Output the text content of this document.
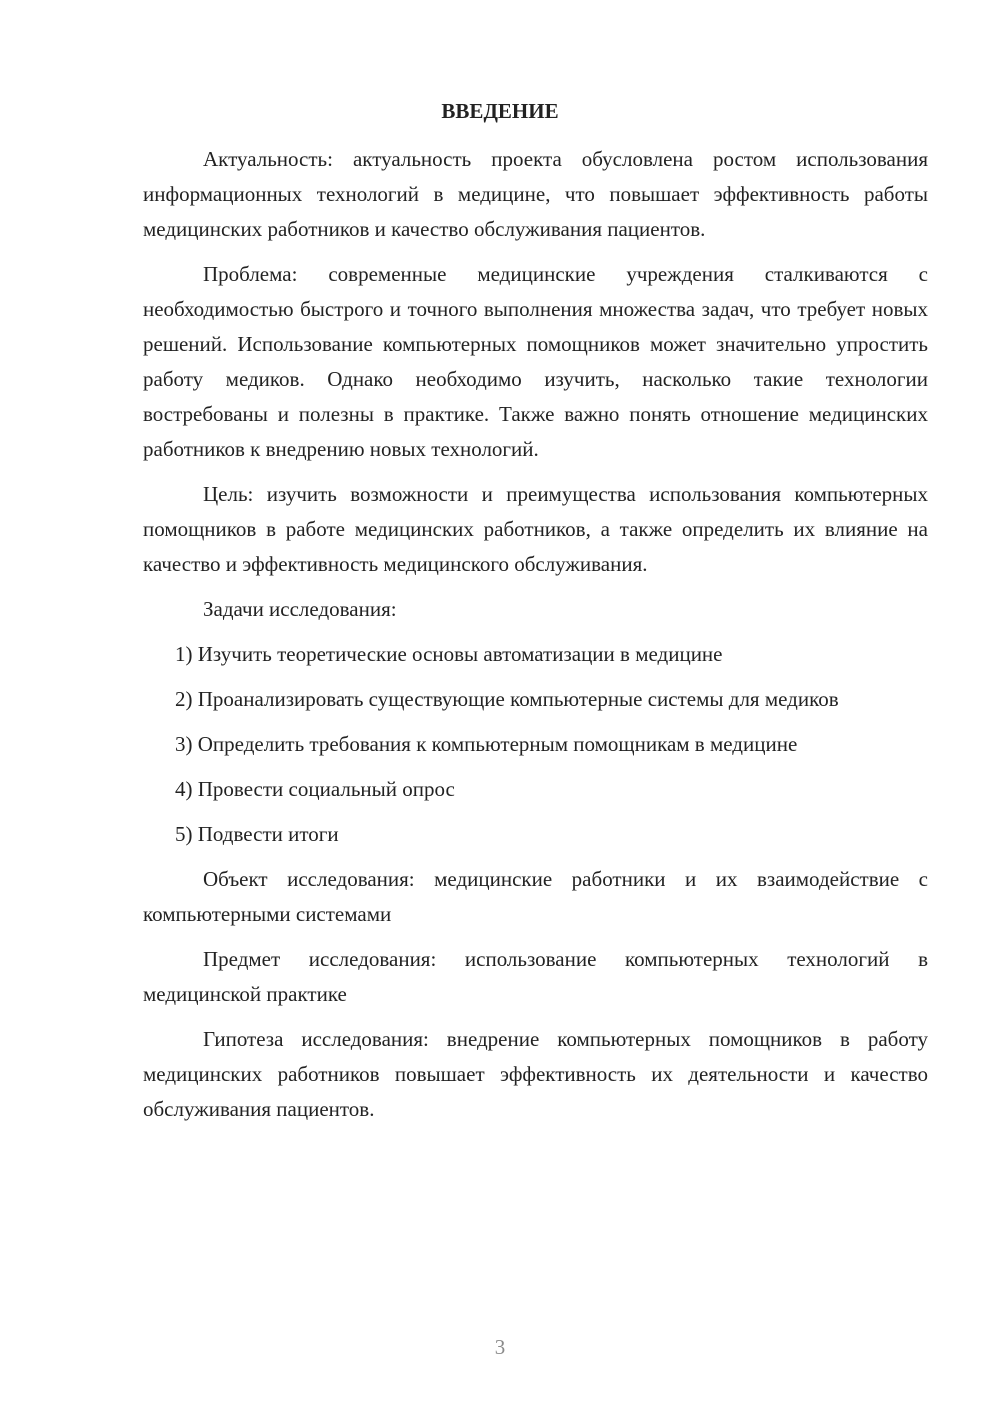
ВВЕДЕНИЕ

Актуальность: актуальность проекта обусловлена ростом использования информационных технологий в медицине, что повышает эффективность работы медицинских работников и качество обслуживания пациентов.

Проблема: современные медицинские учреждения сталкиваются с необходимостью быстрого и точного выполнения множества задач, что требует новых решений. Использование компьютерных помощников может значительно упростить работу медиков. Однако необходимо изучить, насколько такие технологии востребованы и полезны в практике. Также важно понять отношение медицинских работников к внедрению новых технологий.

Цель: изучить возможности и преимущества использования компьютерных помощников в работе медицинских работников, а также определить их влияние на качество и эффективность медицинского обслуживания.

Задачи исследования:

1) Изучить теоретические основы автоматизации в медицине

2) Проанализировать существующие компьютерные системы для медиков

3) Определить требования к компьютерным помощникам в медицине

4) Провести социальный опрос

5) Подвести итоги

Объект исследования: медицинские работники и их взаимодействие с компьютерными системами

Предмет исследования: использование компьютерных технологий в медицинской практике

Гипотеза исследования: внедрение компьютерных помощников в работу медицинских работников повышает эффективность их деятельности и качество обслуживания пациентов.

3
